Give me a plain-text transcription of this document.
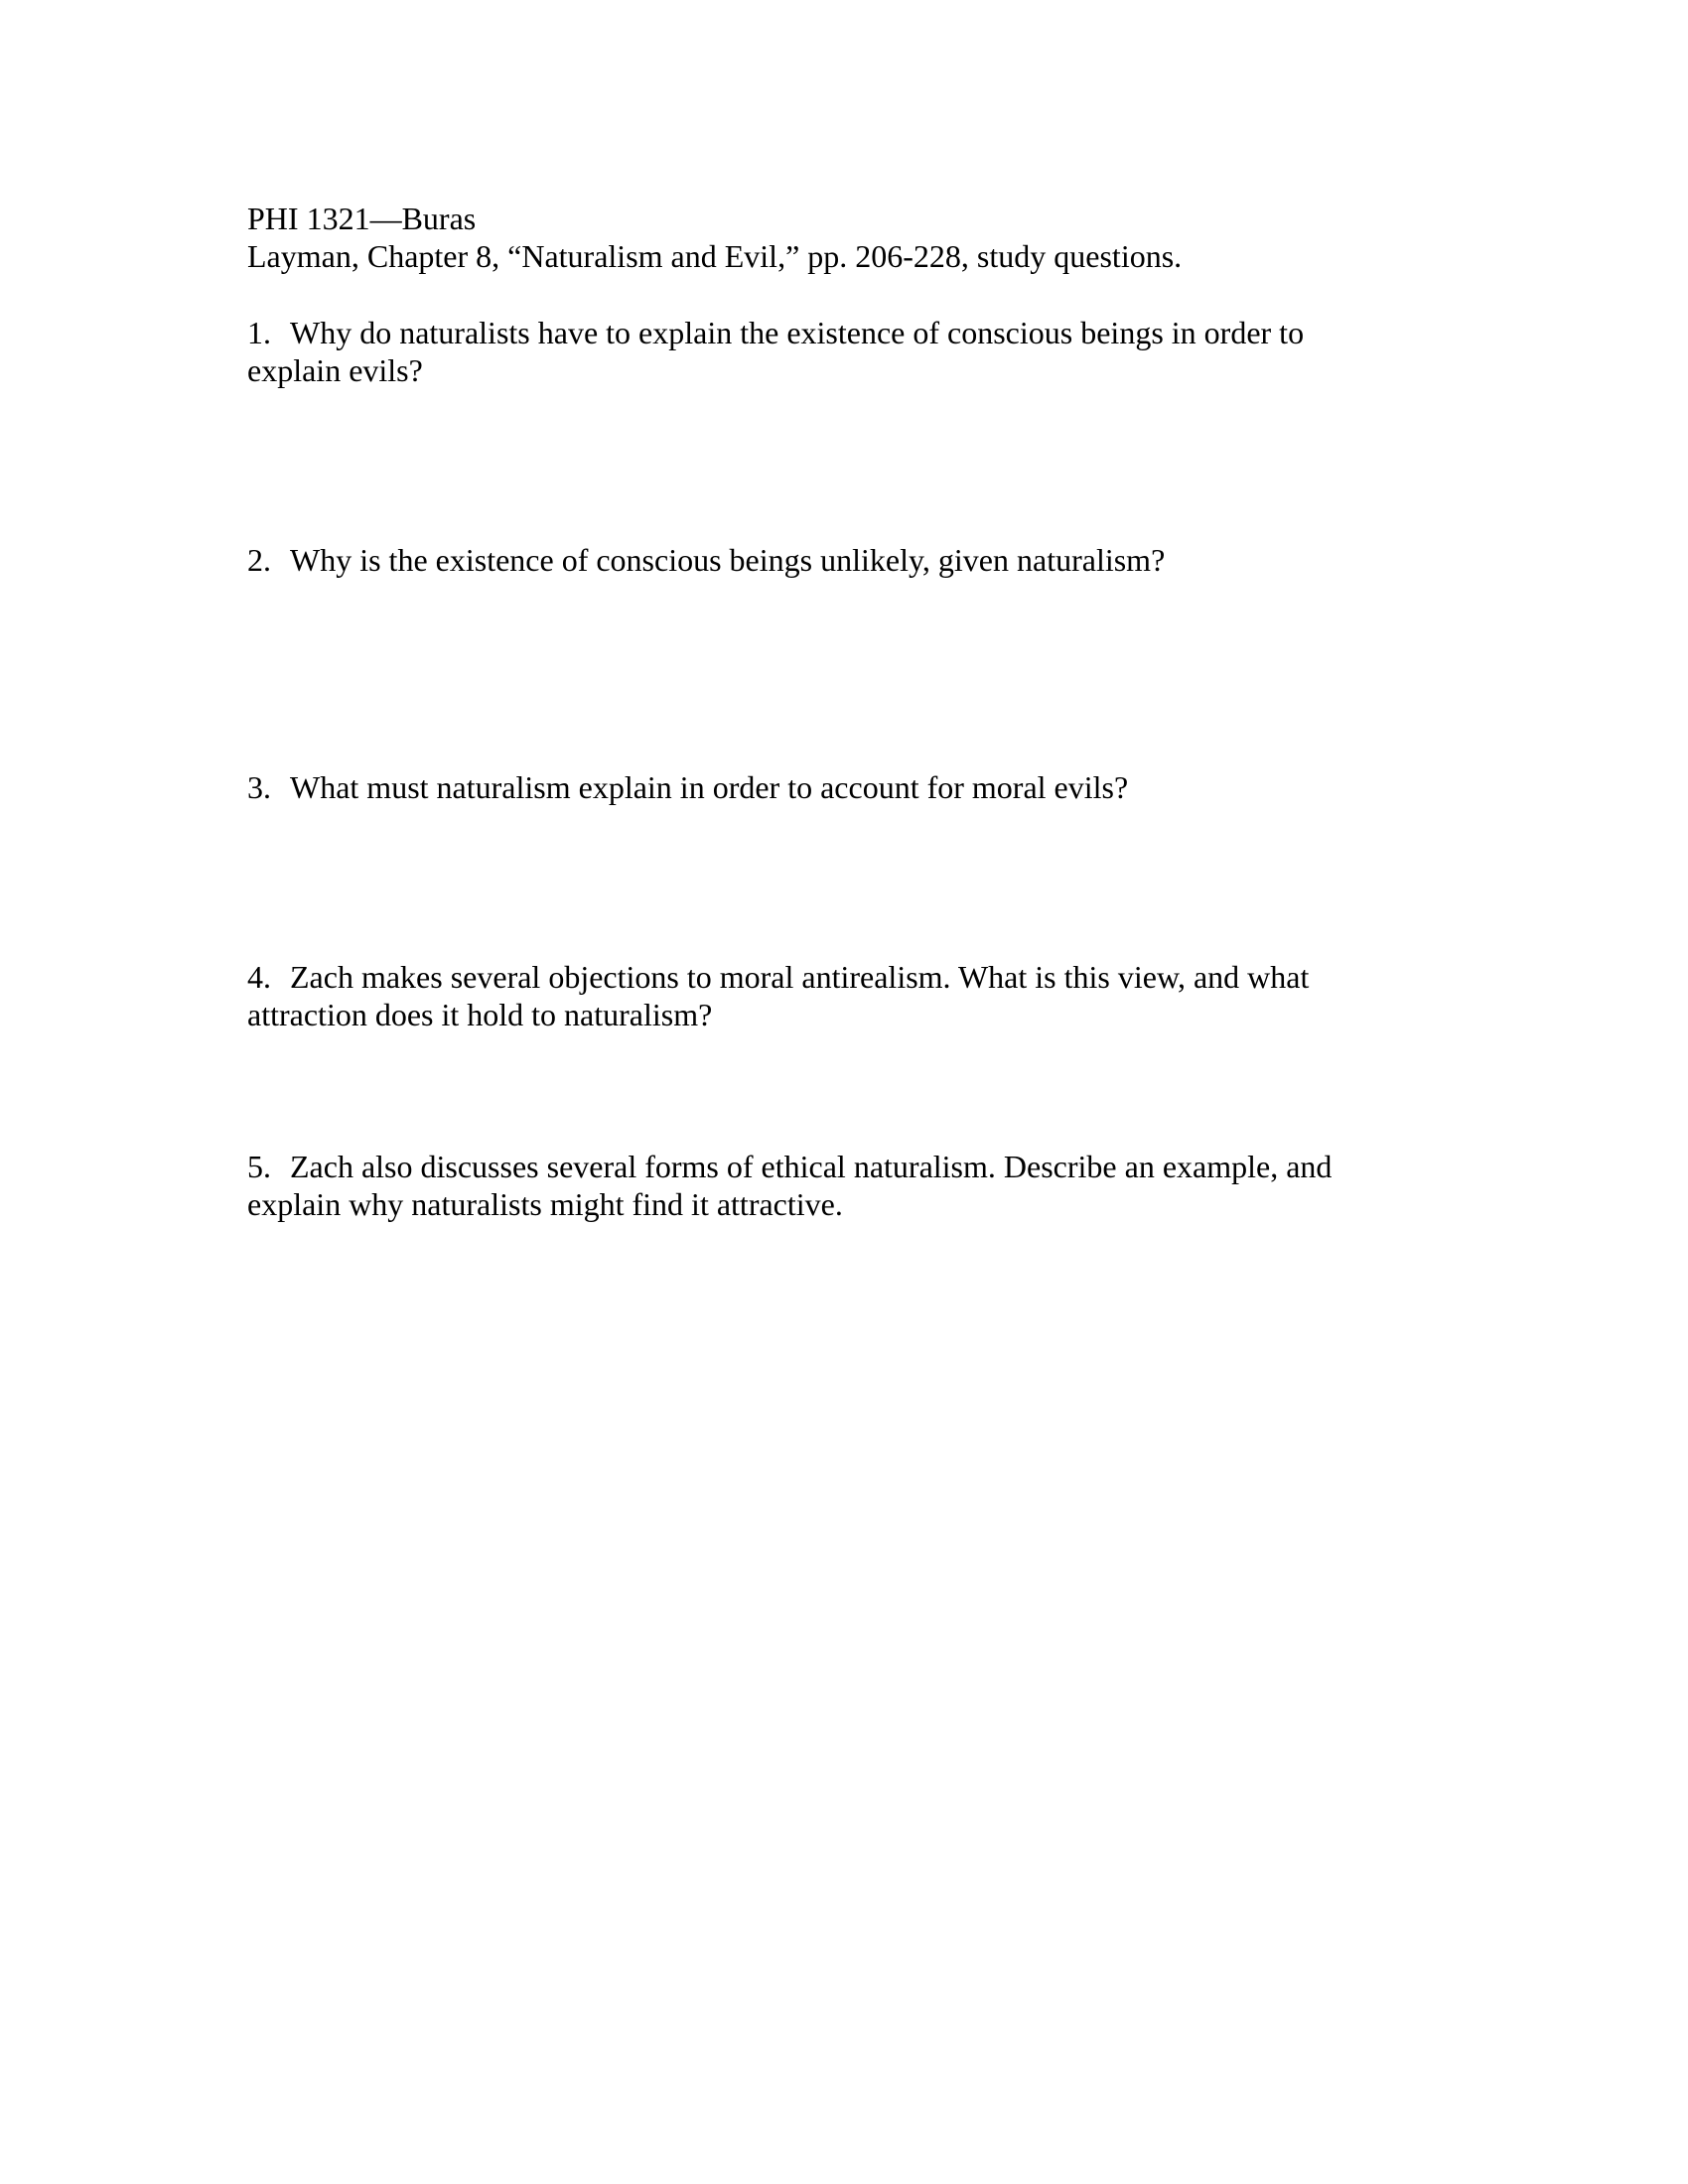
PHI 1321—Buras

Layman, Chapter 8, “Naturalism and Evil,” pp. 206-228, study questions.

1. Why do naturalists have to explain the existence of conscious beings in order to

explain evils?

2. Why is the existence of conscious beings unlikely, given naturalism?

3. What must naturalism explain in order to account for moral evils?

4. Zach makes several objections to moral antirealism. What is this view, and what

attraction does it hold to naturalism?

5. Zach also discusses several forms of ethical naturalism. Describe an example, and

explain why naturalists might find it attractive.
